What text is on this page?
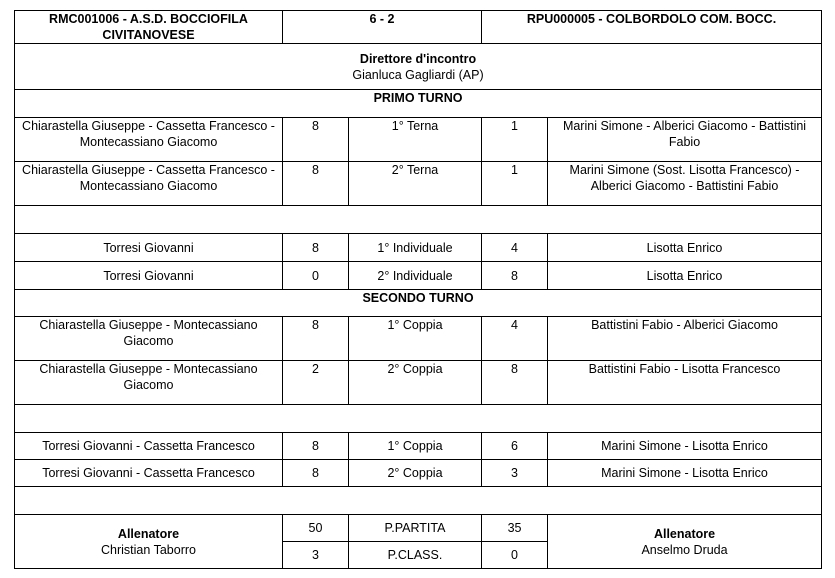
RMC001006 - A.S.D. BOCCIOFILA CIVITANOVESE	6 - 2		RPU000005 - COLBORDOLO COM. BOCC.	

Direttore d'incontro
Gianluca Gagliardi (AP)				

PRIMO TURNO				
Chiarastella Giuseppe - Cassetta Francesco - Montecassiano Giacomo	8	1° Terna	1	Marini Simone - Alberici Giacomo - Battistini Fabio
Chiarastella Giuseppe - Cassetta Francesco - Montecassiano Giacomo	8	2° Terna	1	Marini Simone (Sost. Lisotta Francesco) - Alberici Giacomo - Battistini Fabio

Torresi Giovanni	8	1° Individuale	4	Lisotta Enrico
Torresi Giovanni	0	2° Individuale	8	Lisotta Enrico
SECONDO TURNO				
Chiarastella Giuseppe - Montecassiano Giacomo	8	1° Coppia	4	Battistini Fabio - Alberici Giacomo
Chiarastella Giuseppe - Montecassiano Giacomo	2	2° Coppia	8	Battistini Fabio - Lisotta Francesco

Torresi Giovanni - Cassetta Francesco	8	1° Coppia	6	Marini Simone - Lisotta Enrico
Torresi Giovanni - Cassetta Francesco	8	2° Coppia	3	Marini Simone - Lisotta Enrico

Allenatore
Christian Taborro	50	P.PARTITA	35	Allenatore
Anselmo Druda

	3	P.CLASS.	0	
